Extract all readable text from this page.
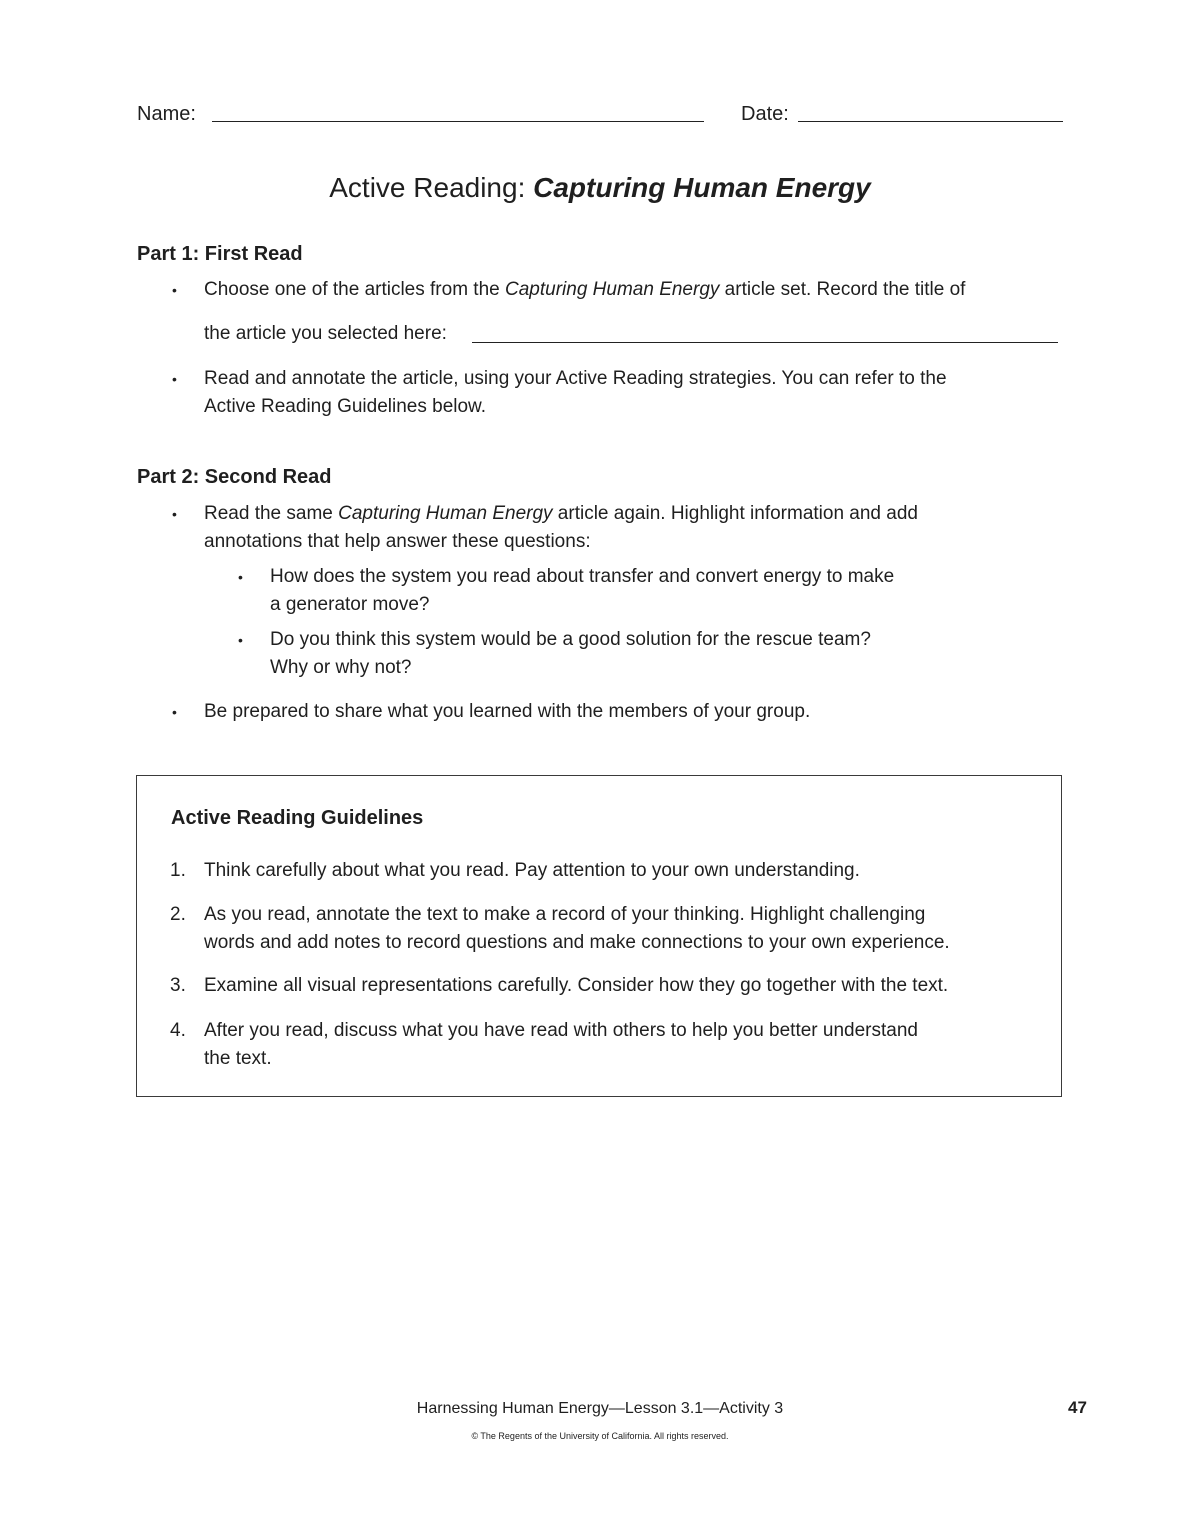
Name:	Date:
Active Reading: Capturing Human Energy
Part 1: First Read
• Choose one of the articles from the Capturing Human Energy article set. Record the title of
the article you selected here:
• Read and annotate the article, using your Active Reading strategies. You can refer to the
Active Reading Guidelines below.
Part 2: Second Read
• Read the same Capturing Human Energy article again. Highlight information and add
annotations that help answer these questions:
• How does the system you read about transfer and convert energy to make
a generator move?
• Do you think this system would be a good solution for the rescue team?
Why or why not?
• Be prepared to share what you learned with the members of your group.
Active Reading Guidelines
1. Think carefully about what you read. Pay attention to your own understanding.
2. As you read, annotate the text to make a record of your thinking. Highlight challenging
words and add notes to record questions and make connections to your own experience.
3. Examine all visual representations carefully. Consider how they go together with the text.
4. After you read, discuss what you have read with others to help you better understand
the text.
Harnessing Human Energy—Lesson 3.1—Activity 3	47
© The Regents of the University of California. All rights reserved.
